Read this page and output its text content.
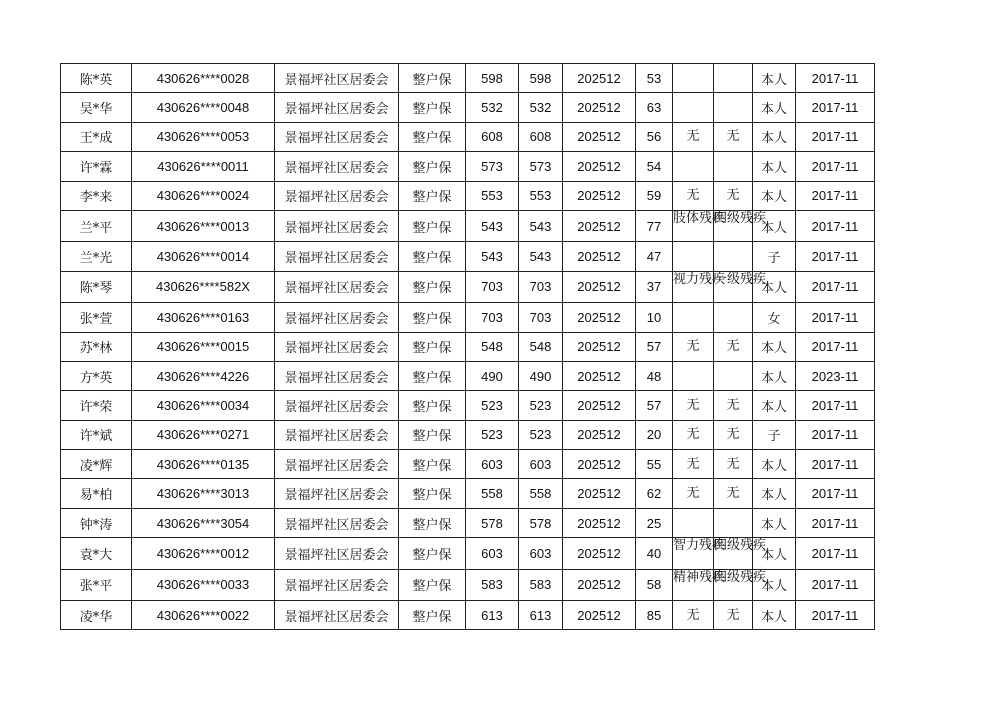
陈*英	430626****0028	景福坪社区居委会	整户保	598	598	202512	53			本人	2017-11
吴*华	430626****0048	景福坪社区居委会	整户保	532	532	202512	63			本人	2017-11
王*成	430626****0053	景福坪社区居委会	整户保	608	608	202512	56	无	无	本人	2017-11
许*霖	430626****0011	景福坪社区居委会	整户保	573	573	202512	54			本人	2017-11
李*来	430626****0024	景福坪社区居委会	整户保	553	553	202512	59	无	无	本人	2017-11
兰*平	430626****0013	景福坪社区居委会	整户保	543	543	202512	77	肢体残疾	四级残疾	本人	2017-11
兰*光	430626****0014	景福坪社区居委会	整户保	543	543	202512	47			子	2017-11
陈*琴	430626****582X	景福坪社区居委会	整户保	703	703	202512	37	视力残疾	一级残疾	本人	2017-11
张*萱	430626****0163	景福坪社区居委会	整户保	703	703	202512	10			女	2017-11
苏*林	430626****0015	景福坪社区居委会	整户保	548	548	202512	57	无	无	本人	2017-11
方*英	430626****4226	景福坪社区居委会	整户保	490	490	202512	48			本人	2023-11
许*荣	430626****0034	景福坪社区居委会	整户保	523	523	202512	57	无	无	本人	2017-11
许*斌	430626****0271	景福坪社区居委会	整户保	523	523	202512	20	无	无	子	2017-11
凌*辉	430626****0135	景福坪社区居委会	整户保	603	603	202512	55	无	无	本人	2017-11
易*柏	430626****3013	景福坪社区居委会	整户保	558	558	202512	62	无	无	本人	2017-11
钟*涛	430626****3054	景福坪社区居委会	整户保	578	578	202512	25			本人	2017-11
袁*大	430626****0012	景福坪社区居委会	整户保	603	603	202512	40	智力残疾	四级残疾	本人	2017-11
张*平	430626****0033	景福坪社区居委会	整户保	583	583	202512	58	精神残疾	四级残疾	本人	2017-11
凌*华	430626****0022	景福坪社区居委会	整户保	613	613	202512	85	无	无	本人	2017-11
